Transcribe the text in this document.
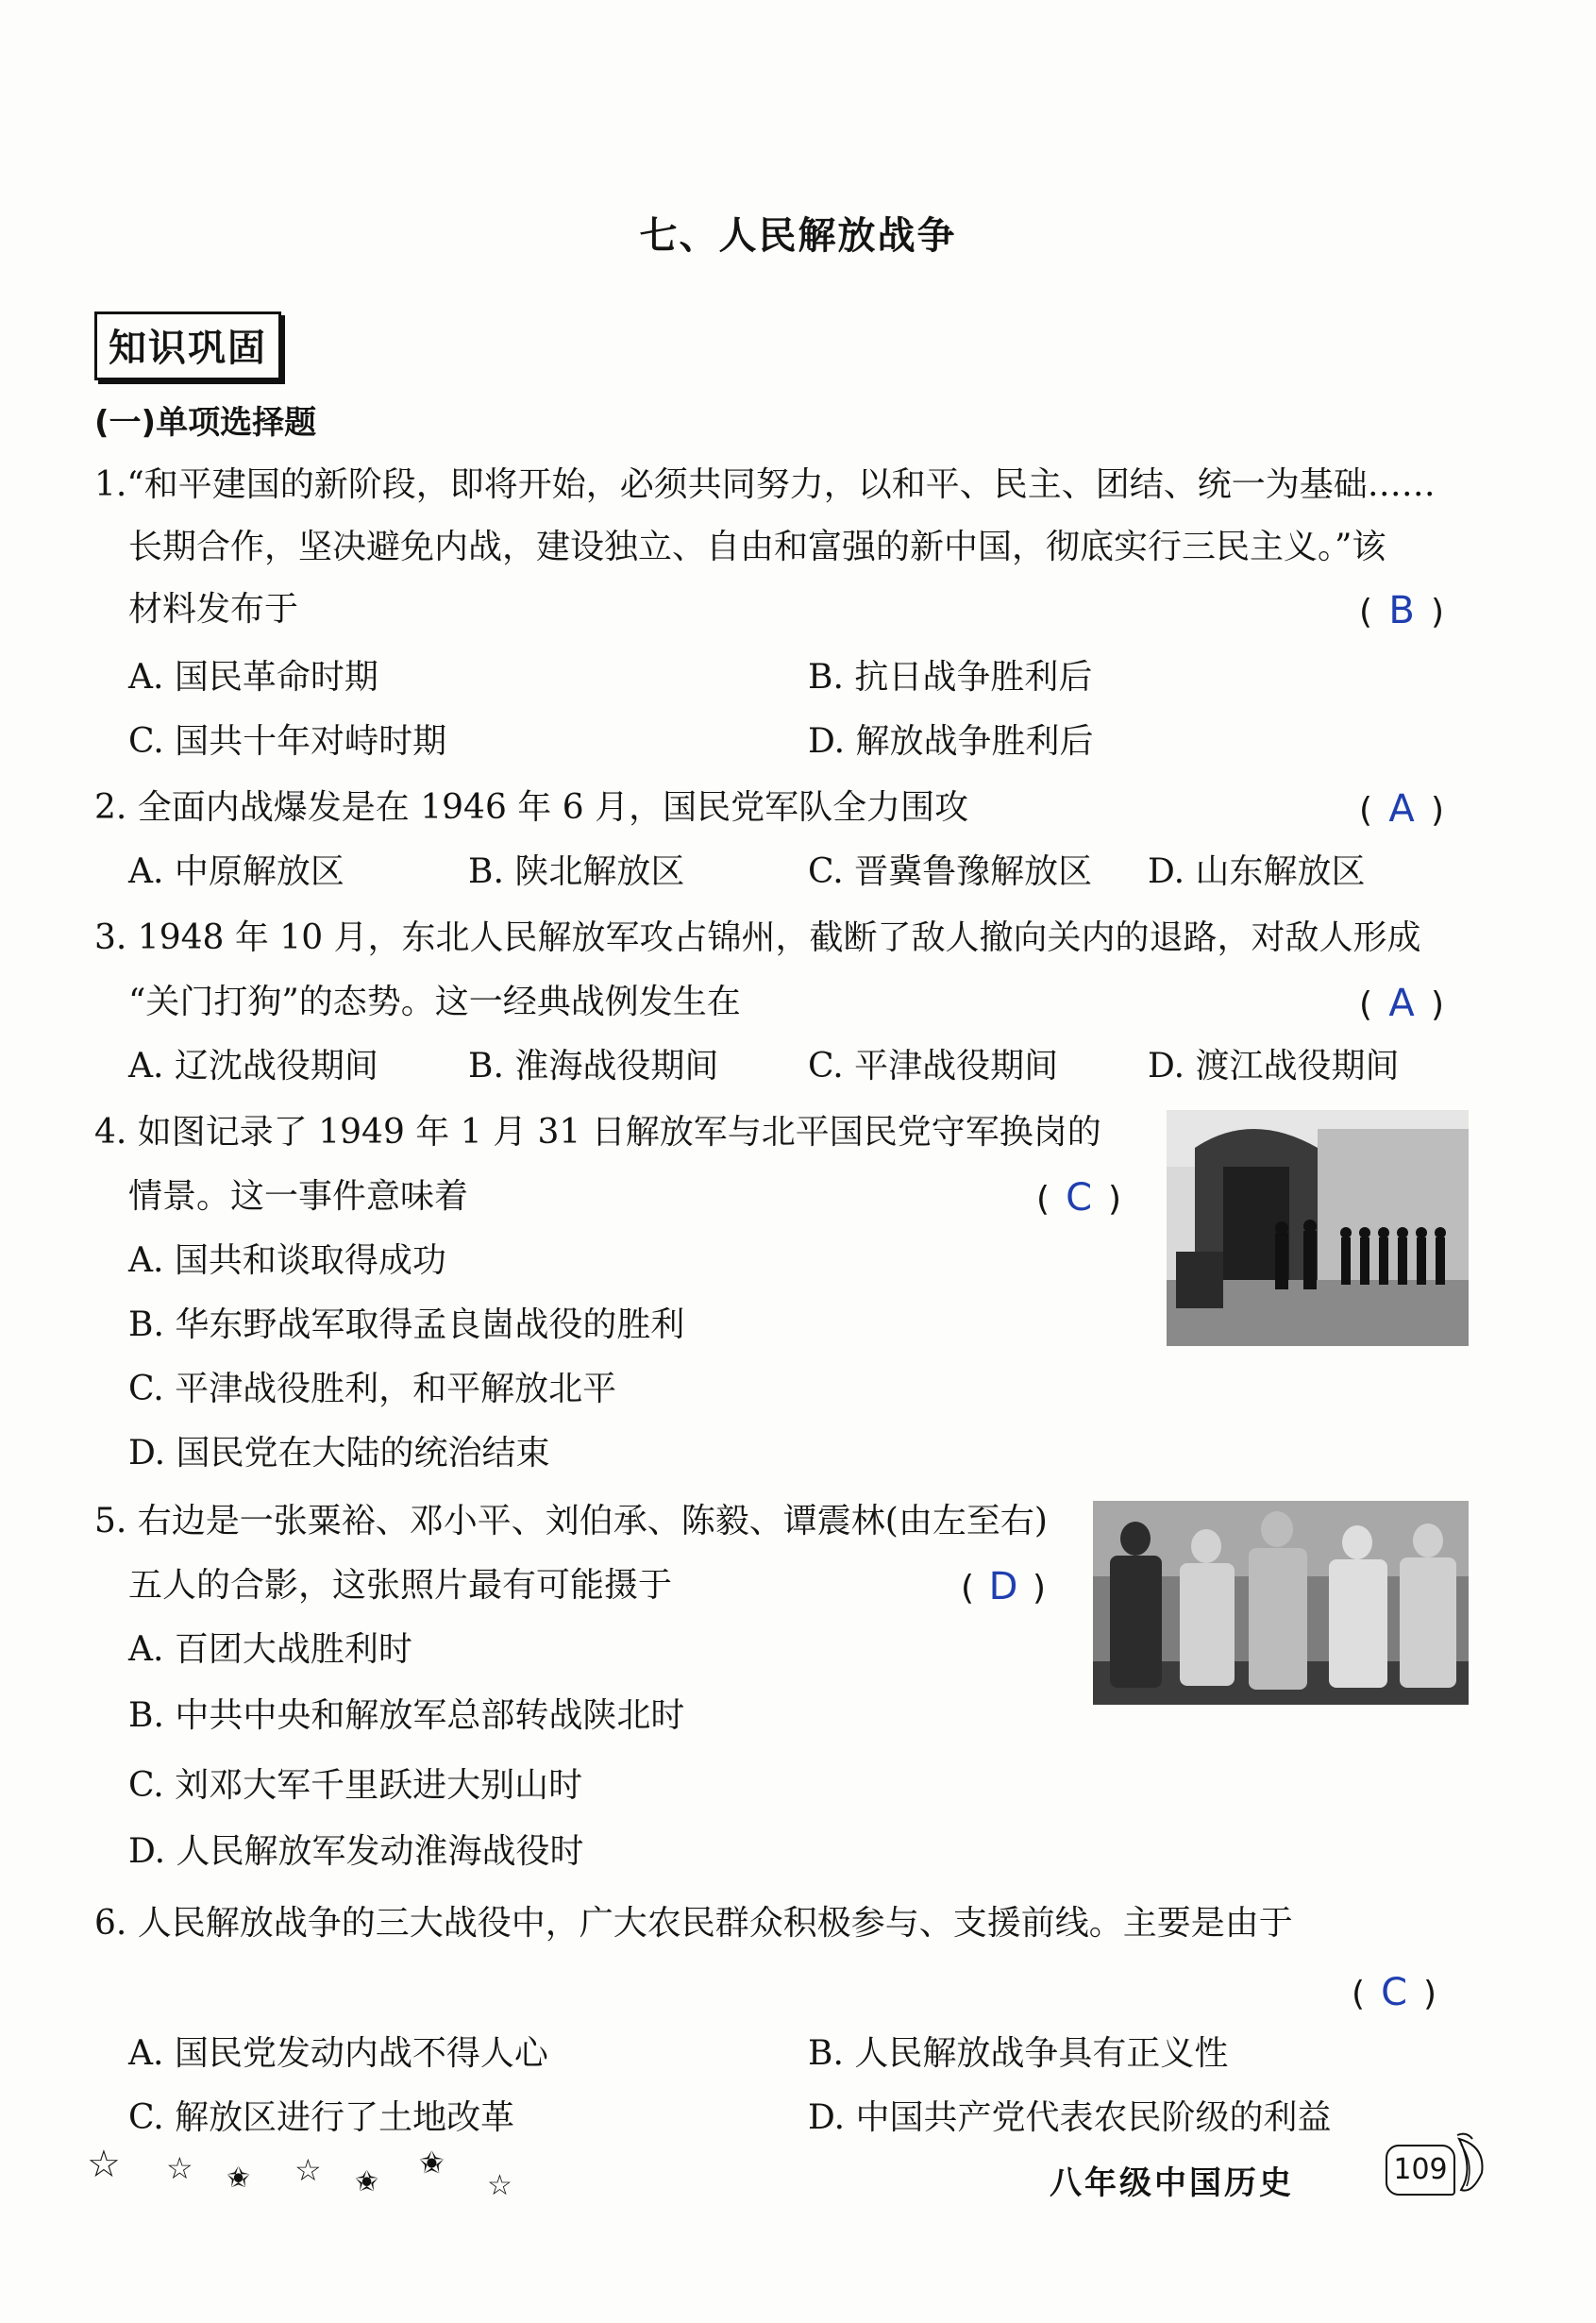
七、人民解放战争
知识巩固
(一)单项选择题
1.“和平建国的新阶段，即将开始，必须共同努力，以和平、民主、团结、统一为基础……
长期合作，坚决避免内战，建设独立、自由和富强的新中国，彻底实行三民主义。”该
材料发布于	( B )
A. 国民革命时期	B. 抗日战争胜利后
C. 国共十年对峙时期	D. 解放战争胜利后
2. 全面内战爆发是在 1946 年 6 月，国民党军队全力围攻	( A )
A. 中原解放区	B. 陕北解放区	C. 晋冀鲁豫解放区 D. 山东解放区
3. 1948 年 10 月，东北人民解放军攻占锦州，截断了敌人撤向关内的退路，对敌人形成
“关门打狗”的态势。这一经典战例发生在	( A )
A. 辽沈战役期间	B. 淮海战役期间	C. 平津战役期间	D. 渡江战役期间
4. 如图记录了 1949 年 1 月 31 日解放军与北平国民党守军换岗的
情景。这一事件意味着	( C )
A. 国共和谈取得成功
B. 华东野战军取得孟良崮战役的胜利
C. 平津战役胜利，和平解放北平
D. 国民党在大陆的统治结束
5. 右边是一张粟裕、邓小平、刘伯承、陈毅、谭震林(由左至右)
五人的合影，这张照片最有可能摄于	( D )
A. 百团大战胜利时
B. 中共中央和解放军总部转战陕北时
C. 刘邓大军千里跃进大别山时
D. 人民解放军发动淮海战役时
6. 人民解放战争的三大战役中，广大农民群众积极参与、支援前线。主要是由于
( C )
A. 国民党发动内战不得人心	B. 人民解放战争具有正义性
C. 解放区进行了土地改革	D. 中国共产党代表农民阶级的利益
☆ ☆ ✬ ☆ ✬
✬
☆	八年级中国历史	109
